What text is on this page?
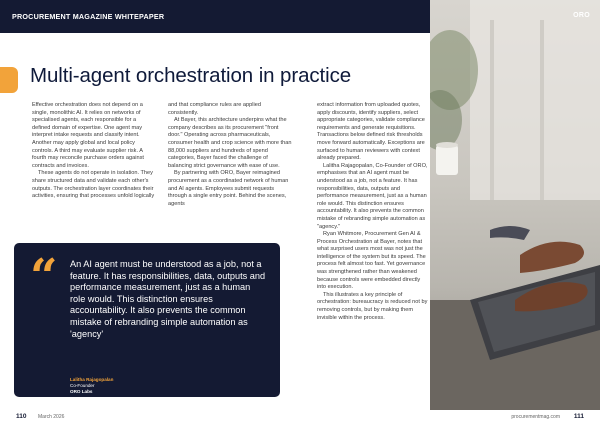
PROCUREMENT MAGAZINE WHITEPAPER	ORO
Multi-agent orchestration in practice

Effective orchestration does not depend on a single, monolithic AI. It relies on networks of specialised agents, each responsible for a defined domain of expertise. One agent may interpret intake requests and classify intent. Another may apply global and local policy controls. A third may evaluate supplier risk. A fourth may reconcile purchase orders against contracts and invoices.

These agents do not operate in isolation. They share structured data and validate each other's outputs. The orchestration layer coordinates their activities, ensuring that processes unfold logically

and that compliance rules are applied consistently.

At Bayer, this architecture underpins what the company describes as its procurement "front door." Operating across pharmaceuticals, consumer health and crop science with more than 88,000 suppliers and hundreds of spend categories, Bayer faced the challenge of balancing strict governance with ease of use.

By partnering with ORO, Bayer reimagined procurement as a coordinated network of human and AI agents. Employees submit requests through a single entry point. Behind the scenes, agents

extract information from uploaded quotes, apply discounts, identify suppliers, select appropriate categories, validate compliance requirements and generate requisitions. Transactions below defined risk thresholds move forward automatically. Exceptions are surfaced to human reviewers with context already prepared.

Lalitha Rajagopalan, Co-Founder of ORO, emphasises that an AI agent must be understood as a job, not a feature. It has responsibilities, data, outputs and performance measurement, just as a human role would. This distinction ensures accountability. It also prevents the common mistake of rebranding simple automation as "agency."

Ryan Whitmore, Procurement Gen AI & Process Orchestration at Bayer, notes that what surprised users most was not just the intelligence of the system but its speed. The process felt almost too fast. Yet governance was strengthened rather than weakened because controls were embedded directly into execution.

This illustrates a key principle of orchestration: bureaucracy is reduced not by removing controls, but by making them invisible within the process.

“ An AI agent must be understood as a job, not a feature. It has responsibilities, data, outputs and performance measurement, just as a human role would. This distinction ensures accountability. It also prevents the common mistake of rebranding simple automation as 'agency'

Lalitha Rajagopalan
Co-Founder
ORO Labs
110 March 2026	procurementmag.com 111
